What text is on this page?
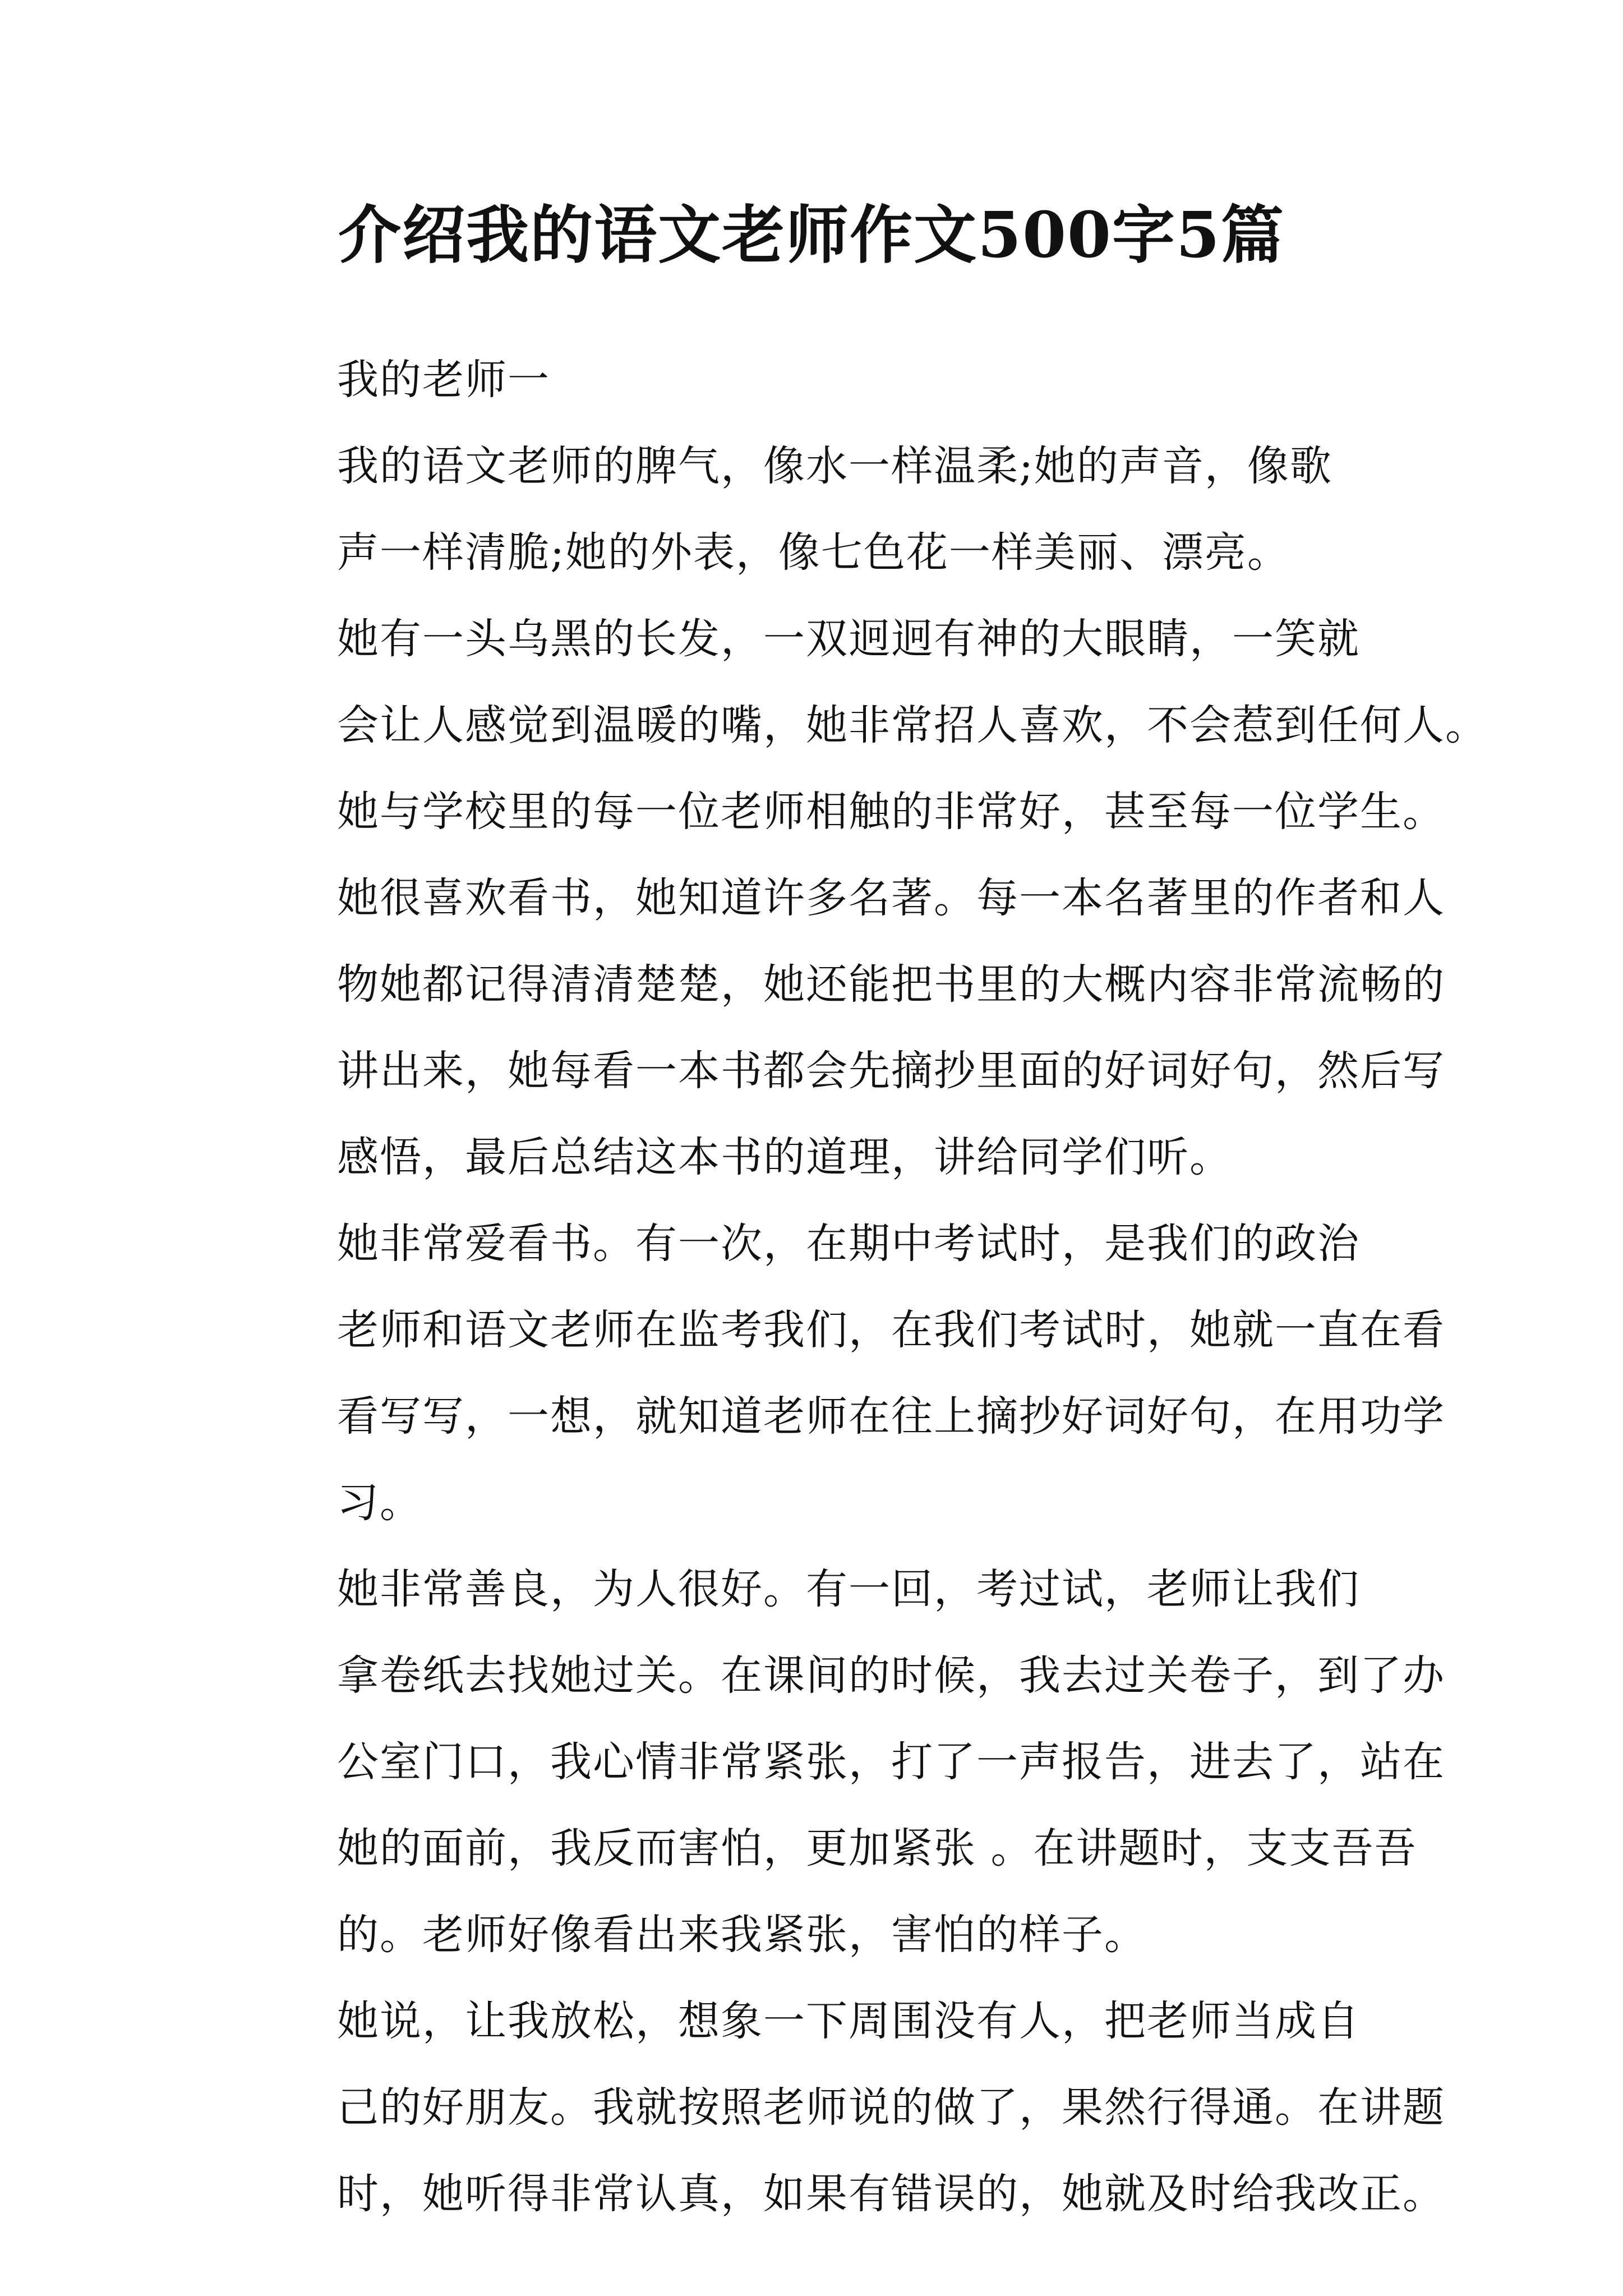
介绍我的语文老师作文500字5篇

我的老师一

我的语文老师的脾气，像水一样温柔;她的声音，像歌
声一样清脆;她的外表，像七色花一样美丽、漂亮。

她有一头乌黑的长发，一双迥迥有神的大眼睛，一笑就
会让人感觉到温暖的嘴，她非常招人喜欢，不会惹到任何人。
她与学校里的每一位老师相触的非常好，甚至每一位学生。
她很喜欢看书，她知道许多名著。每一本名著里的作者和人
物她都记得清清楚楚，她还能把书里的大概内容非常流畅的
讲出来，她每看一本书都会先摘抄里面的好词好句，然后写
感悟，最后总结这本书的道理，讲给同学们听。

她非常爱看书。有一次，在期中考试时，是我们的政治
老师和语文老师在监考我们，在我们考试时，她就一直在看
看写写，一想，就知道老师在往上摘抄好词好句，在用功学
习。

她非常善良，为人很好。有一回，考过试，老师让我们
拿卷纸去找她过关。在课间的时候，我去过关卷子，到了办
公室门口，我心情非常紧张，打了一声报告，进去了，站在
她的面前，我反而害怕，更加紧张 。在讲题时，支支吾吾
的。老师好像看出来我紧张，害怕的样子。

她说，让我放松，想象一下周围没有人，把老师当成自
己的好朋友。我就按照老师说的做了，果然行得通。在讲题
时，她听得非常认真，如果有错误的，她就及时给我改正。
